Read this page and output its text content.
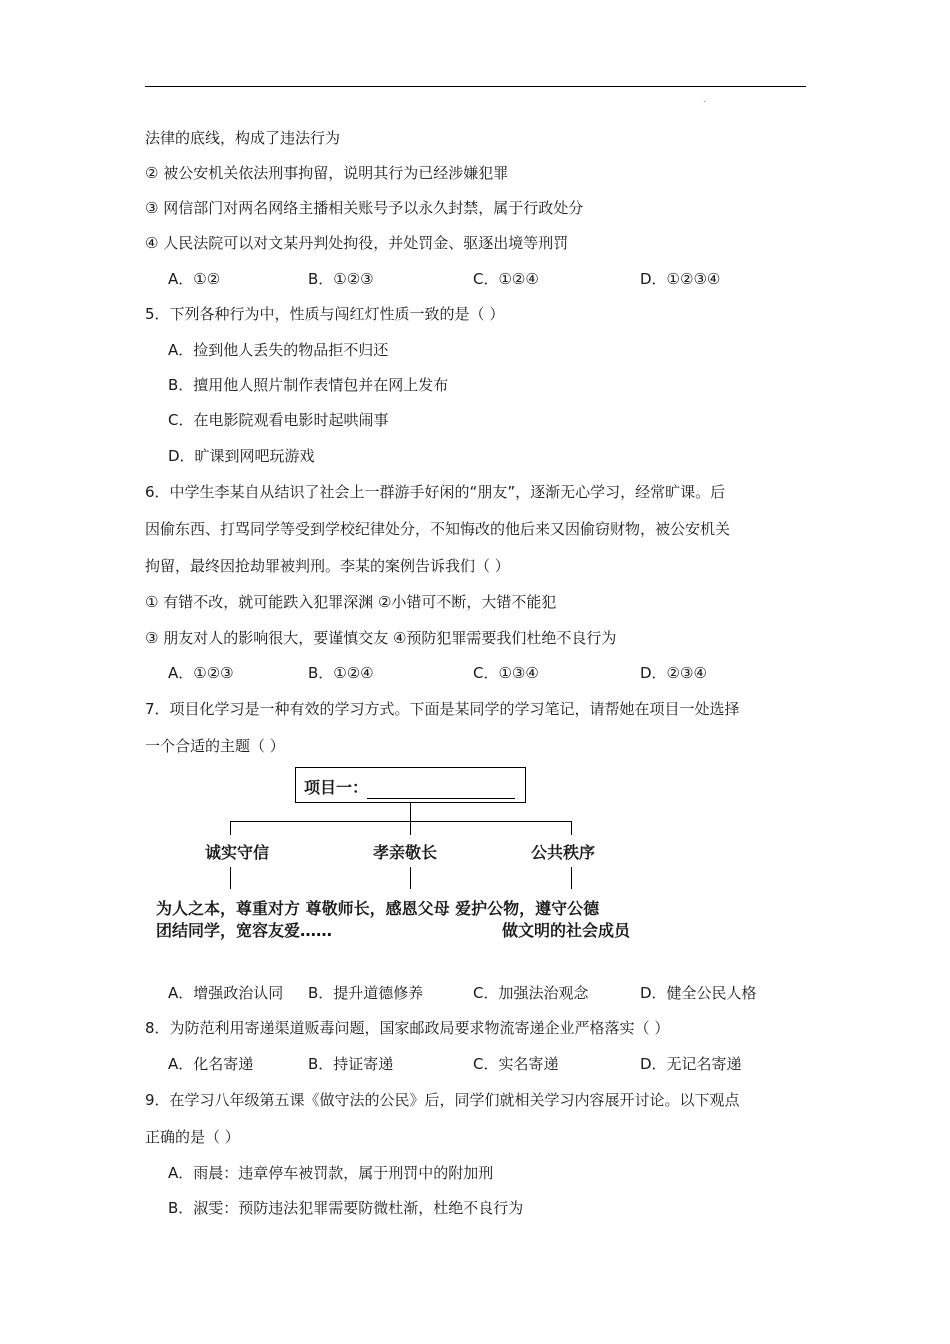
.
法律的底线，构成了违法行为
② 被公安机关依法刑事拘留，说明其行为已经涉嫌犯罪
③ 网信部门对两名网络主播相关账号予以永久封禁，属于行政处分
④ 人民法院可以对文某丹判处拘役，并处罚金、驱逐出境等刑罚
A．①②	B．①②③	C．①②④	D．①②③④
5．下列各种行为中，性质与闯红灯性质一致的是（ ）
A．捡到他人丢失的物品拒不归还
B．擅用他人照片制作表情包并在网上发布
C．在电影院观看电影时起哄闹事
D．旷课到网吧玩游戏
6．中学生李某自从结识了社会上一群游手好闲的“朋友”，逐渐无心学习，经常旷课。后
因偷东西、打骂同学等受到学校纪律处分，不知悔改的他后来又因偷窃财物，被公安机关
拘留，最终因抢劫罪被判刑。李某的案例告诉我们（ ）
① 有错不改，就可能跌入犯罪深渊 ②小错可不断，大错不能犯
③ 朋友对人的影响很大，要谨慎交友 ④预防犯罪需要我们杜绝不良行为
A．①②③	B．①②④	C．①③④	D．②③④
7．项目化学习是一种有效的学习方式。下面是某同学的学习笔记，请帮她在项目一处选择
一个合适的主题（ ）
项目一：
诚实守信	孝亲敬长	公共秩序
为人之本，尊重对方 尊敬师长，感恩父母 爱护公物，遵守公德
团结同学，宽容友爱……	做文明的社会成员
A．增强政治认同 B．提升道德修养	C．加强法治观念	D．健全公民人格
8．为防范利用寄递渠道贩毒问题，国家邮政局要求物流寄递企业严格落实（ ）
A．化名寄递	B．持证寄递	C．实名寄递	D．无记名寄递
9．在学习八年级第五课《做守法的公民》后，同学们就相关学习内容展开讨论。以下观点
正确的是（ ）
A．雨晨：违章停车被罚款，属于刑罚中的附加刑
B．淑雯：预防违法犯罪需要防微杜渐，杜绝不良行为
